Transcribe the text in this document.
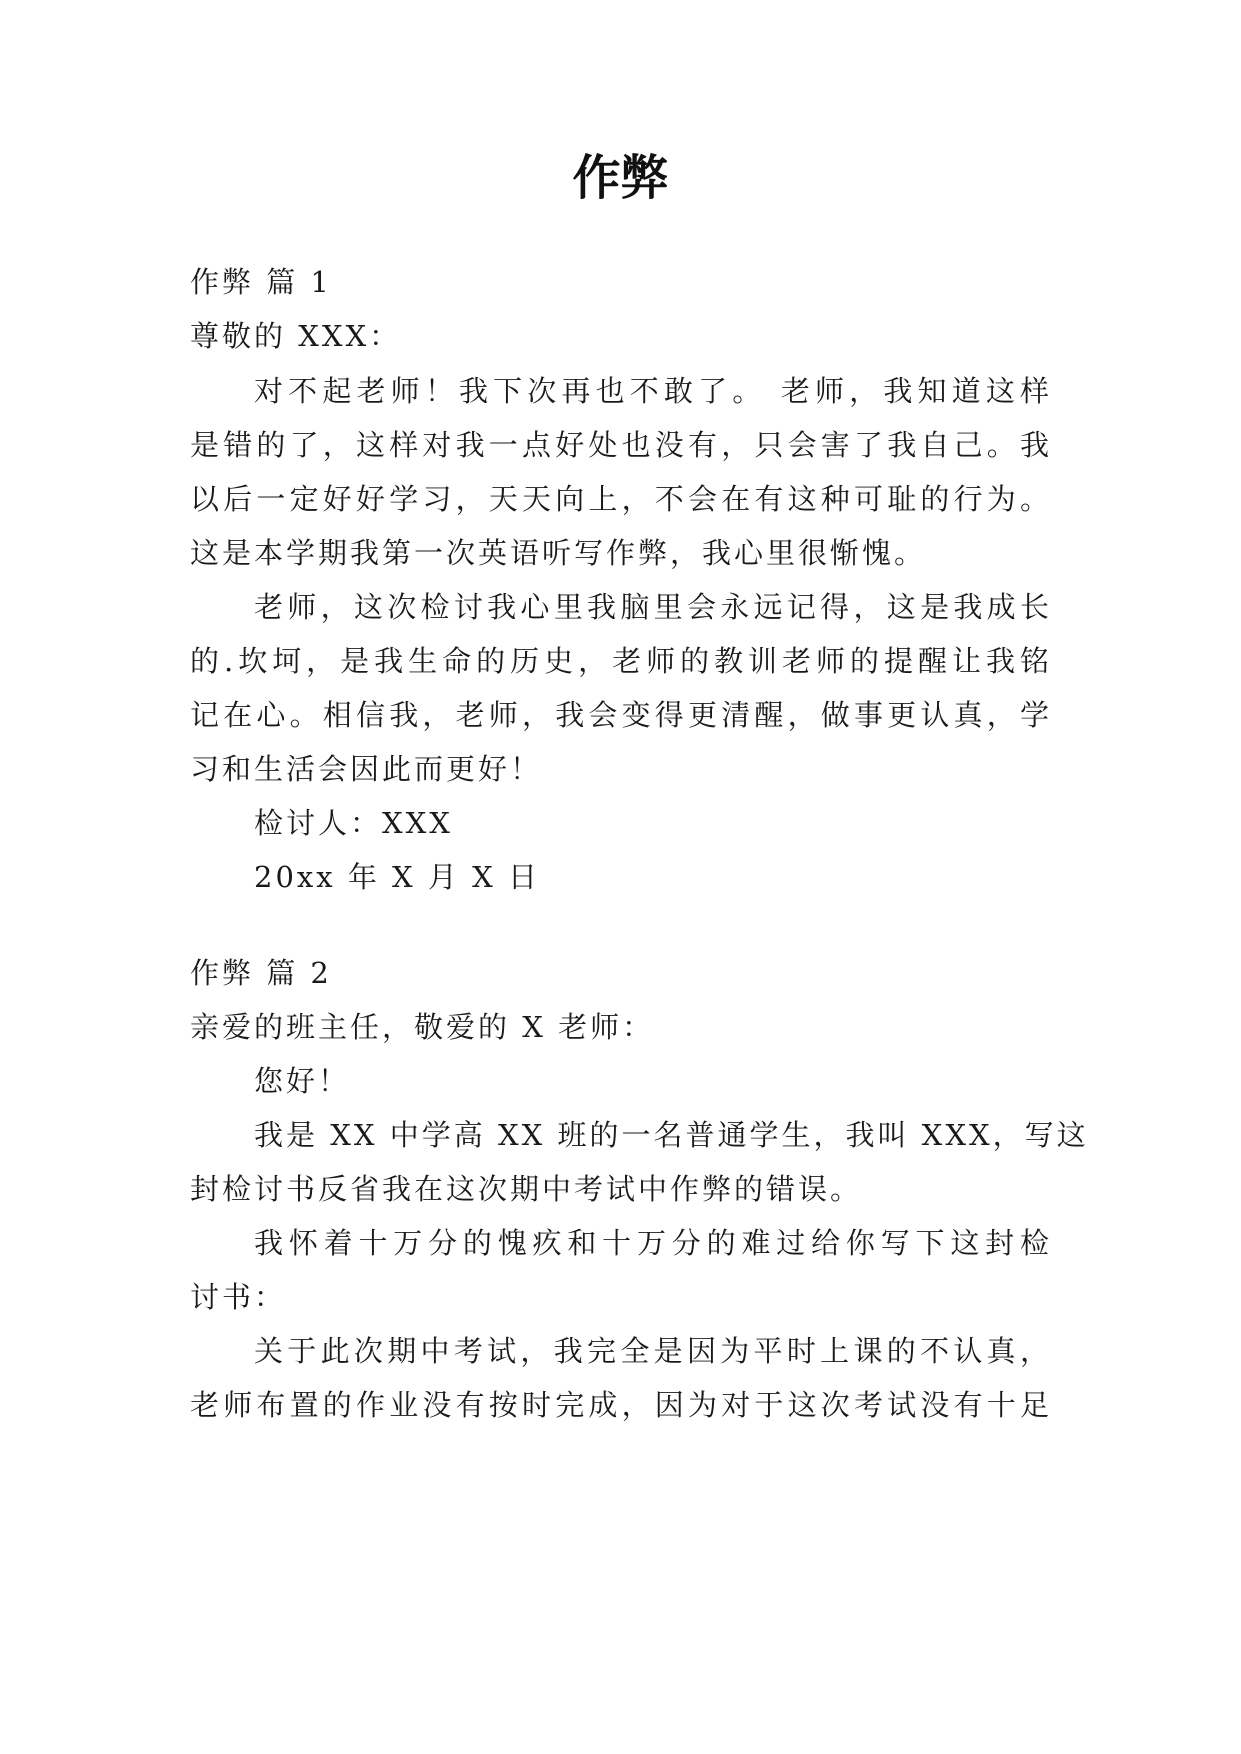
作弊
作弊 篇 1
尊敬的 XXX：
对不起老师！我下次再也不敢了。 老师，我知道这样
是错的了，这样对我一点好处也没有，只会害了我自己。我
以后一定好好学习，天天向上，不会在有这种可耻的行为。
这是本学期我第一次英语听写作弊，我心里很惭愧。
老师，这次检讨我心里我脑里会永远记得，这是我成长
的.坎坷，是我生命的历史，老师的教训老师的提醒让我铭
记在心。相信我，老师，我会变得更清醒，做事更认真，学
习和生活会因此而更好！
检讨人：XXX
20xx 年 X 月 X 日
作弊 篇 2
亲爱的班主任，敬爱的 X 老师：
您好！
我是 XX 中学高 XX 班的一名普通学生，我叫 XXX，写这
封检讨书反省我在这次期中考试中作弊的错误。
我怀着十万分的愧疚和十万分的难过给你写下这封检
讨书：
关于此次期中考试，我完全是因为平时上课的不认真，
老师布置的作业没有按时完成，因为对于这次考试没有十足
